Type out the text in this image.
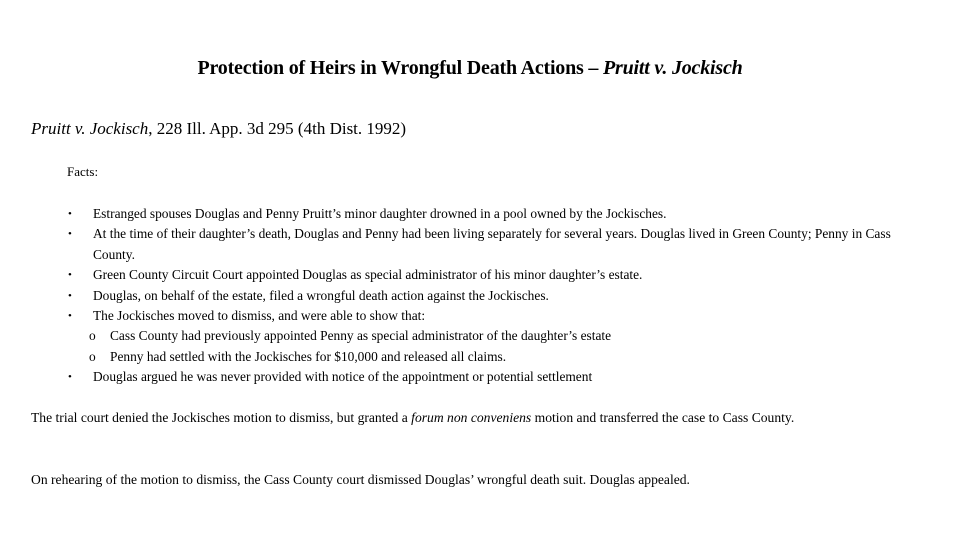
Protection of Heirs in Wrongful Death Actions – Pruitt v. Jockisch
Pruitt v. Jockisch, 228 Ill. App. 3d 295 (4th Dist. 1992)
Facts:
• Estranged spouses Douglas and Penny Pruitt’s minor daughter drowned in a pool owned by the Jockisches.
• At the time of their daughter’s death, Douglas and Penny had been living separately for several years. Douglas lived in Green County; Penny in Cass County.
• Green County Circuit Court appointed Douglas as special administrator of his minor daughter’s estate.
• Douglas, on behalf of the estate, filed a wrongful death action against the Jockisches.
• The Jockisches moved to dismiss, and were able to show that:
o Cass County had previously appointed Penny as special administrator of the daughter’s estate
o Penny had settled with the Jockisches for $10,000 and released all claims.
• Douglas argued he was never provided with notice of the appointment or potential settlement

The trial court denied the Jockisches motion to dismiss, but granted a forum non conveniens motion and transferred the case to Cass County.

On rehearing of the motion to dismiss, the Cass County court dismissed Douglas’ wrongful death suit. Douglas appealed.
